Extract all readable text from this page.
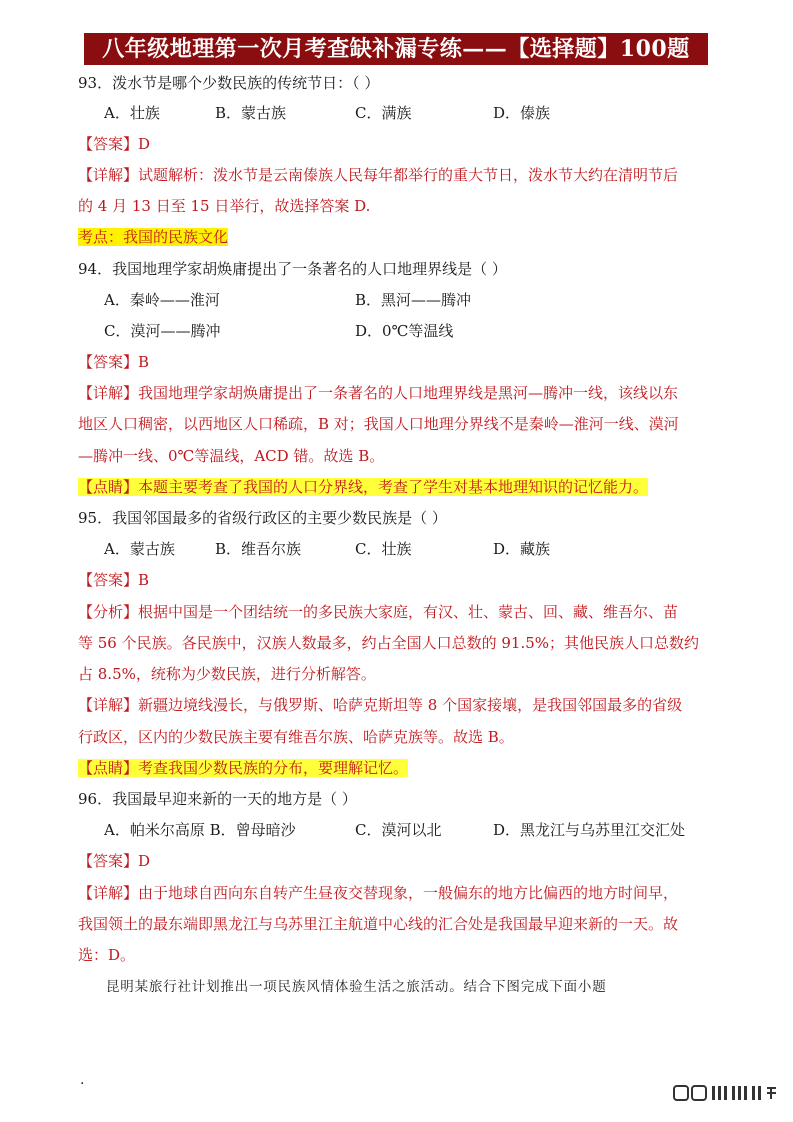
八年级地理第一次月考查缺补漏专练——【选择题】100题
93．泼水节是哪个少数民族的传统节日：（ ）
A．壮族	B．蒙古族	C．满族	D．傣族
【答案】D
【详解】试题解析：泼水节是云南傣族人民每年都举行的重大节日，泼水节大约在清明节后
的 4 月 13 日至 15 日举行，故选择答案 D.
考点：我国的民族文化
94．我国地理学家胡焕庸提出了一条著名的人口地理界线是（ ）
A．秦岭——淮河	B．黑河——腾冲
C．漠河——腾冲	D．0℃等温线
【答案】B
【详解】我国地理学家胡焕庸提出了一条著名的人口地理界线是黑河—腾冲一线，该线以东
地区人口稠密，以西地区人口稀疏，B 对；我国人口地理分界线不是秦岭—淮河一线、漠河
—腾冲一线、0℃等温线，ACD 错。故选 B。
【点睛】本题主要考查了我国的人口分界线，考查了学生对基本地理知识的记忆能力。
95．我国邻国最多的省级行政区的主要少数民族是（ ）
A．蒙古族	B．维吾尔族	C．壮族	D．藏族
【答案】B
【分析】根据中国是一个团结统一的多民族大家庭，有汉、壮、蒙古、回、藏、维吾尔、苗
等 56 个民族。各民族中，汉族人数最多，约占全国人口总数的 91.5%；其他民族人口总数约
占 8.5%，统称为少数民族，进行分析解答。
【详解】新疆边境线漫长，与俄罗斯、哈萨克斯坦等 8 个国家接壤，是我国邻国最多的省级
行政区，区内的少数民族主要有维吾尔族、哈萨克族等。故选 B。
【点睛】考查我国少数民族的分布，要理解记忆。
96．我国最早迎来新的一天的地方是（ ）
A．帕米尔高原 B．曾母暗沙	C．漠河以北	D．黑龙江与乌苏里江交汇处
【答案】D
【详解】由于地球自西向东自转产生昼夜交替现象，一般偏东的地方比偏西的地方时间早，
我国领土的最东端即黑龙江与乌苏里江主航道中心线的汇合处是我国最早迎来新的一天。故
选：D。
昆明某旅行社计划推出一项民族风情体验生活之旅活动。结合下图完成下面小题
.
